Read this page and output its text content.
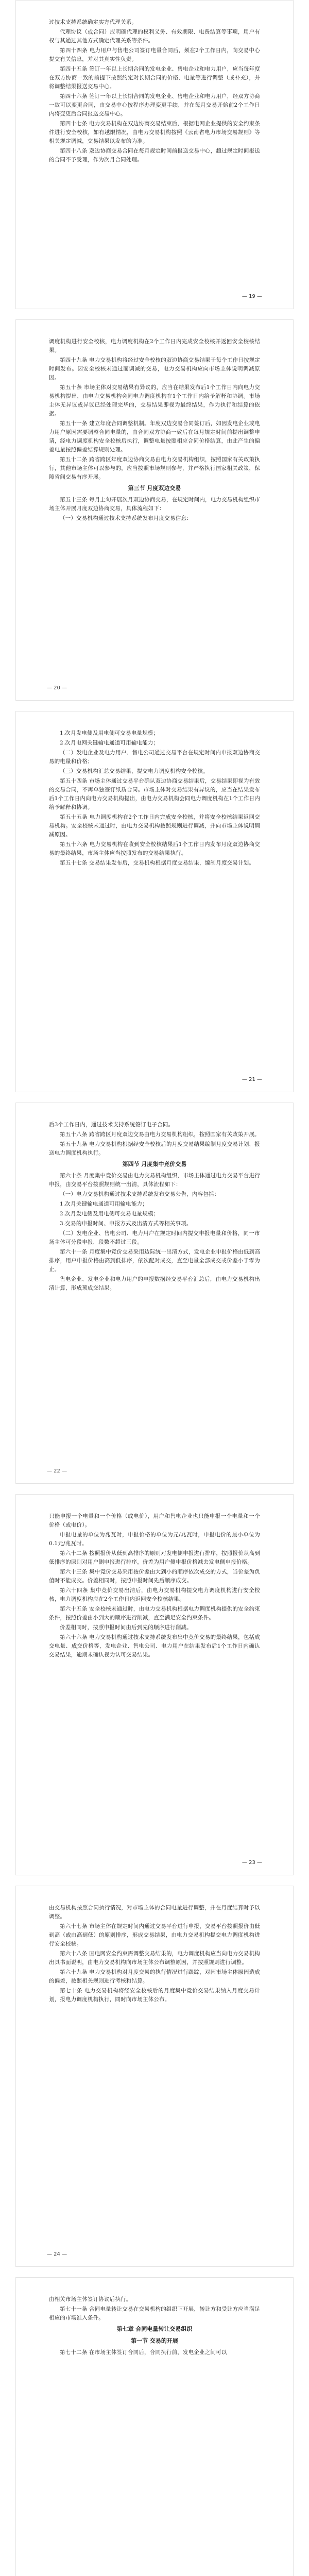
过技术支持系统确定实方代理关系。

代理协议（或合同）应明确代理的权利义务、有效期限、电费结算等事项，用户有权与其通过其他方式确定代理关系等条件。

第四十四条 电力用户与售电公司签订电量合同后，须在2个工作日内，向交易中心提交有关信息，并对其真实性负责。

第四十五条 签订一年以上长期合同的发电企业、售电企业和电力用户，应当每年度在双方协商一致的前提下按照约定对长期合同的价格、电量等进行调整（或补充），并将调整结果报送交易中心。

第四十六条 签订一年以上长期合同的发电企业、售电企业和电力用户，经双方协商一致可以变更合同，由交易中心按程序办理变更手续，并在每月交易开始前2个工作日内将变更后合同报送交易中心。

第四十七条 电力交易机构在双边协商交易结束后，根据电网企业提供的安全约束条件进行安全校核，如有越限情况，由电力交易机构按照《云南省电力市场交易规则》等相关规定调减，交易结果以发布的为准。

第四十八条 双边协商交易合同在每月规定时间前报送交易中心，超过规定时间报送的合同不予受理，作为次月合同处理。

— 19 —

调度机构进行安全校核，电力调度机构在2个工作日内完成安全校核并返回安全校核结果。

第四十九条 电力交易机构将经过安全校核的双边协商交易结果于每个工作日按规定时间发布。因安全校核未通过而调减的交易，电力交易机构应向市场主体说明调减原因。

第五十条 市场主体对交易结果有异议的，应当在结果发布后1个工作日内向电力交易机构提出，由电力交易机构会同电力调度机构在1个工作日内给予解释和协调。市场主体无异议或异议已经处理完毕的，交易结果即视为最终结果，作为执行和结算的依据。

第五十一条 建立年度合同调整机制。年度双边交易合同签订后，如因发电企业或电力用户原因需要调整合同电量的，由合同双方协商一致后在每月规定时间前提出调整申请，经电力调度机构安全校核后执行，调整电量按照相应合同价格结算，由此产生的偏差电量按照偏差结算规则处理。

第五十二条 跨省跨区年度双边协商交易由电力交易机构组织，按照国家有关政策执行，其他市场主体可以参与的，应当按照市场规则参与，并严格执行国家相关政策，保障省间交易有序开展。

第三节 月度双边交易

第五十三条 每月上旬开展次月双边协商交易，在规定时间内，电力交易机构组织市场主体开展月度双边协商交易，具体流程如下：

（一）交易机构通过技术支持系统发布月度交易信息：

— 20 —

1.次月发电侧及用电侧可交易电量规模；

2.次月电网关键输电通道可用输电能力；

（二）发电企业及电力用户、售电公司通过交易平台在规定时间内申报双边协商交易的电量和价格；

（三）交易机构汇总交易结果，提交电力调度机构安全校核。

第五十四条 市场主体通过交易平台确认双边协商交易结果后，交易结果即视为有效的交易合同，不再单独签订纸质合同。市场主体对交易结果有异议的，应当在结果发布后1个工作日内向电力交易机构提出，由电力交易机构会同电力调度机构在1个工作日内给予解释和协调。

第五十五条 电力调度机构在2个工作日内完成安全校核，并将安全校核结果返回交易机构。安全校核未通过时，由电力交易机构按照规则进行调减，并向市场主体说明调减原因。

第五十六条 电力交易机构在收到安全校核结果后1个工作日内发布月度双边协商交易的最终结果，市场主体应当按照发布的交易结果执行。

第五十七条 交易结果发布后，交易机构根据月度交易结果，编制月度交易计划。

— 21 —

后3个工作日内，通过技术支持系统签订电子合同。

第五十八条 跨省跨区月度双边交易由电力交易机构组织，按照国家有关政策开展。

第五十九条 电力交易机构根据经安全校核后的月度交易结果编制月度交易计划，报送电力调度机构执行。

第四节 月度集中竞价交易

第六十条 月度集中竞价交易由电力交易机构组织，市场主体通过电力交易平台进行申报，由交易平台按照规则统一出清，具体流程如下：

（一）电力交易机构通过技术支持系统发布交易公告，内容包括：

1.次月关键输电通道可用输电能力；

2.次月发电侧及用电侧可交易电量规模；

3.交易的申报时间、申报方式及出清方式等相关事项。

（二）发电企业、售电公司、电力用户在规定时间内提交申报电量和价格，同一市场主体可分段申报，段数不超过三段。

第六十一条 月度集中竞价交易采用边际统一出清方式，发电企业申报价格由低到高排序，用户申报价格由高到低排序，依次配对成交，直至电量全部成交或价差小于零为止。

售电企业、发电企业和电力用户的申报数据经交易平台汇总后，由电力交易机构出清计算，形成预成交结果。

— 22 —

只能申报一个电量和一个价格（或电价），用户和售电企业也只能申报一个电量和一个价格（或电价）。

申报电量的单位为兆瓦时，申报价格的单位为元/兆瓦时，申报电价的最小单位为0.1元/兆瓦时。

第六十二条 按照报价从低到高排序的原则对发电侧申报进行排序，按照报价从高到低排序的原则对用户侧申报进行排序，价差为用户侧申报价格减去发电侧申报价格。

第六十三条 集中竞价交易采用按价差由大到小的顺序依次成交的方式，当价差为负值时不能成交。价差相同时，按照申报时间先后顺序成交。

第六十四条 集中竞价交易出清后，由电力交易机构提交电力调度机构进行安全校核，电力调度机构应在2个工作日内返回安全校核结果。

第六十五条 安全校核未通过时，由电力交易机构根据电力调度机构提供的安全约束条件，按照价差由小到大的顺序进行削减，直至满足安全约束条件。

价差相同时，按照申报时间由后到先的顺序进行削减。

第六十六条 电力交易机构通过技术支持系统发布集中竞价交易的最终结果，包括成交电量、成交价格等，发电企业、售电公司、电力用户在结果发布后1个工作日内确认交易结果，逾期未确认视为认可交易结果。

— 23 —

由交易机构按照合同执行情况，对市场主体的合同电量进行调整，并在月度结算时予以调整。

第六十七条 市场主体在规定时间内通过交易平台进行申报，交易平台按照报价由低到高（或由高到低）的原则排序，形成交易结果，由电力交易机构提交电力调度机构进行安全校核。

第六十八条 因电网安全约束需调整交易结果的，电力调度机构应当向电力交易机构出具书面说明，由电力交易机构向市场主体公布调整原因，并按照规则进行调整。

第六十九条 电力交易机构对月度交易的执行情况进行跟踪，对因市场主体原因造成的偏差，按照相关规则进行考核和结算。

第七十条 电力交易机构将经安全校核后的月度集中竞价交易结果纳入月度交易计划，报电力调度机构执行，同时向市场主体公布。

— 24 —

由相关市场主体签订协议后执行。

第七十一条 合同电量转让交易在交易机构的组织下开展，转让方和受让方应当满足相应的市场准入条件。

第七章 合同电量转让交易组织
第一节 交易的开展

第七十二条 在市场主体签订合同后，合同执行前，发电企业之间可以
